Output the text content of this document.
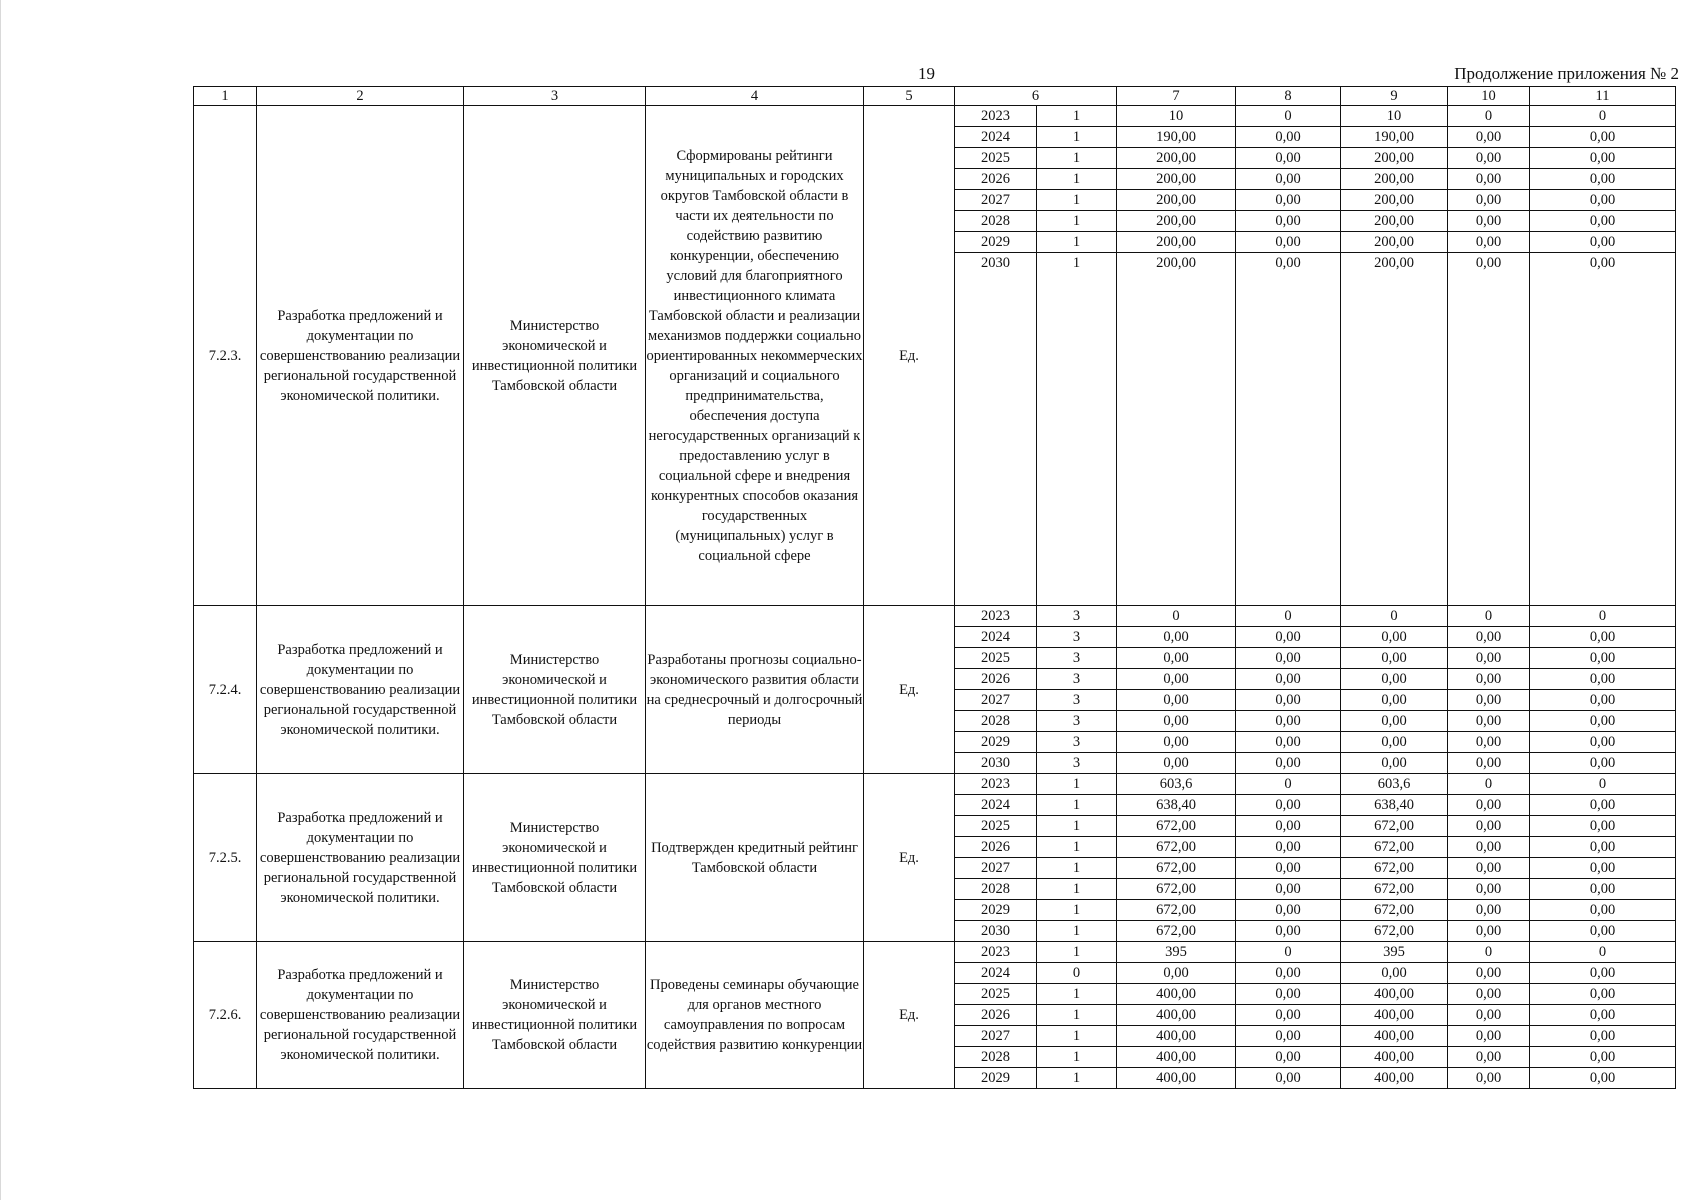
19	Продолжение приложения № 2
1	2	3	4	5	6		7	8	9	10	11
7.2.3.	Разработка предложений и документации по совершенствованию реализации региональной государственной экономической политики.	Министерство экономической и инвестиционной политики Тамбовской области	Сформированы рейтинги муниципальных и городских округов Тамбовской области в части их деятельности по содействию развитию конкуренции, обеспечению условий для благоприятного инвестиционного климата Тамбовской области и реализации механизмов поддержки социально ориентированных некоммерческих организаций и социального предпринимательства, обеспечения доступа негосударственных организаций к предоставлению услуг в социальной сфере и внедрения конкурентных способов оказания государственных (муниципальных) услуг в социальной сфере	Ед.	2023	1	10	0	10	0	0
					2024	1	190,00	0,00	190,00	0,00	0,00
					2025	1	200,00	0,00	200,00	0,00	0,00
					2026	1	200,00	0,00	200,00	0,00	0,00
					2027	1	200,00	0,00	200,00	0,00	0,00
					2028	1	200,00	0,00	200,00	0,00	0,00
					2029	1	200,00	0,00	200,00	0,00	0,00
					2030	1	200,00	0,00	200,00	0,00	0,00
7.2.4.	Разработка предложений и документации по совершенствованию реализации региональной государственной экономической политики.	Министерство экономической и инвестиционной политики Тамбовской области	Разработаны прогнозы социально-экономического развития области на среднесрочный и долгосрочный периоды	Ед.	2023	3	0	0	0	0	0
					2024	3	0,00	0,00	0,00	0,00	0,00
					2025	3	0,00	0,00	0,00	0,00	0,00
					2026	3	0,00	0,00	0,00	0,00	0,00
					2027	3	0,00	0,00	0,00	0,00	0,00
					2028	3	0,00	0,00	0,00	0,00	0,00
					2029	3	0,00	0,00	0,00	0,00	0,00
					2030	3	0,00	0,00	0,00	0,00	0,00
7.2.5.	Разработка предложений и документации по совершенствованию реализации региональной государственной экономической политики.	Министерство экономической и инвестиционной политики Тамбовской области	Подтвержден кредитный рейтинг Тамбовской области	Ед.	2023	1	603,6	0	603,6	0	0
					2024	1	638,40	0,00	638,40	0,00	0,00
					2025	1	672,00	0,00	672,00	0,00	0,00
					2026	1	672,00	0,00	672,00	0,00	0,00
					2027	1	672,00	0,00	672,00	0,00	0,00
					2028	1	672,00	0,00	672,00	0,00	0,00
					2029	1	672,00	0,00	672,00	0,00	0,00
					2030	1	672,00	0,00	672,00	0,00	0,00
7.2.6.	Разработка предложений и документации по совершенствованию реализации региональной государственной экономической политики.	Министерство экономической и инвестиционной политики Тамбовской области	Проведены семинары обучающие для органов местного самоуправления по вопросам содействия развитию конкуренции	Ед.	2023	1	395	0	395	0	0
					2024	0	0,00	0,00	0,00	0,00	0,00
					2025	1	400,00	0,00	400,00	0,00	0,00
					2026	1	400,00	0,00	400,00	0,00	0,00
					2027	1	400,00	0,00	400,00	0,00	0,00
					2028	1	400,00	0,00	400,00	0,00	0,00
					2029	1	400,00	0,00	400,00	0,00	0,00
